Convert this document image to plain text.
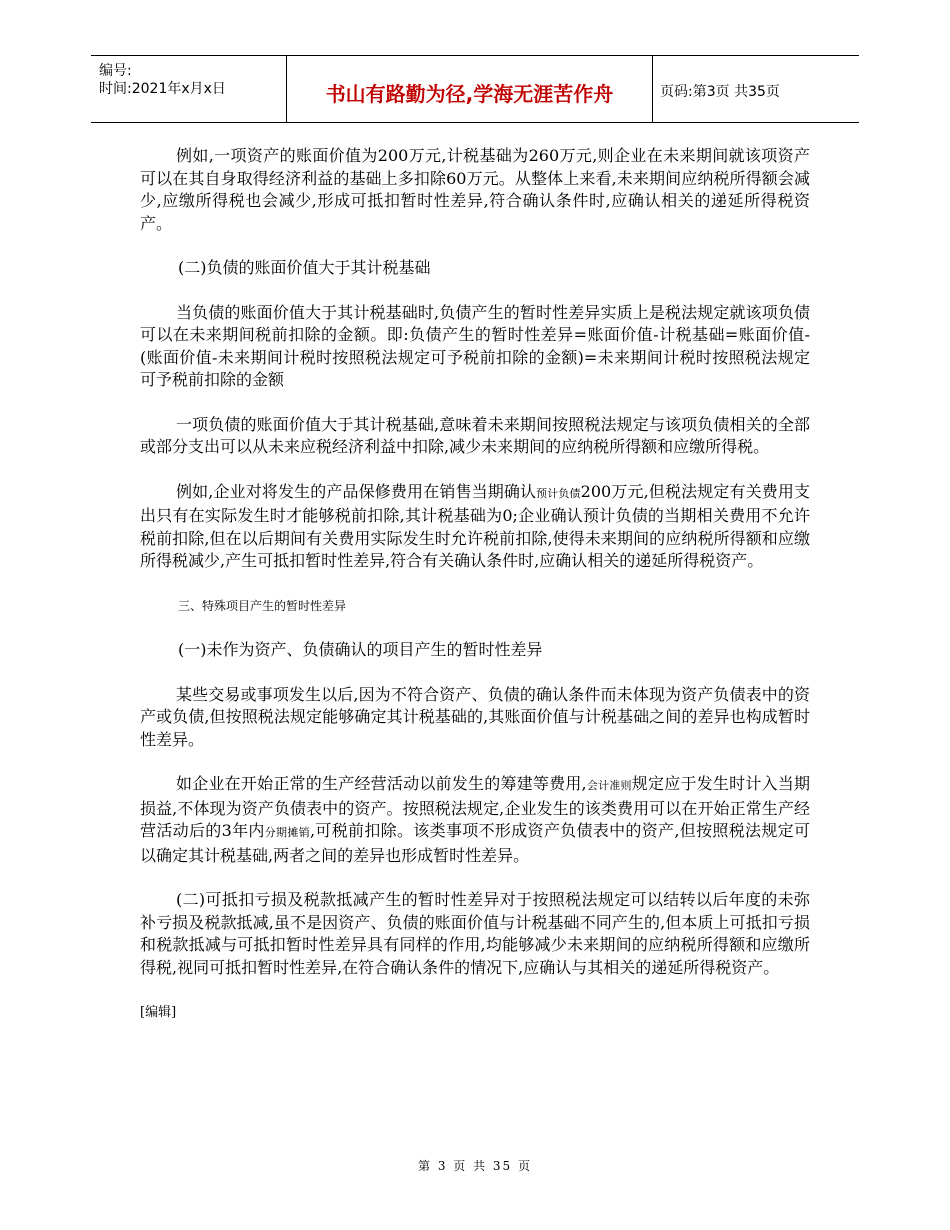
编号:
时间:2021年x月x日	书山有路勤为径,学海无涯苦作舟	页码:第3页 共35页

例如,一项资产的账面价值为200万元,计税基础为260万元,则企业在未来期间就该项资产可以在其自身取得经济利益的基础上多扣除60万元。从整体上来看,未来期间应纳税所得额会减少,应缴所得税也会减少,形成可抵扣暂时性差异,符合确认条件时,应确认相关的递延所得税资产。

(二)负债的账面价值大于其计税基础

当负债的账面价值大于其计税基础时,负债产生的暂时性差异实质上是税法规定就该项负债可以在未来期间税前扣除的金额。即:负债产生的暂时性差异=账面价值-计税基础=账面价值-(账面价值-未来期间计税时按照税法规定可予税前扣除的金额)=未来期间计税时按照税法规定可予税前扣除的金额

一项负债的账面价值大于其计税基础,意味着未来期间按照税法规定与该项负债相关的全部或部分支出可以从未来应税经济利益中扣除,减少未来期间的应纳税所得额和应缴所得税。

例如,企业对将发生的产品保修费用在销售当期确认预计负债200万元,但税法规定有关费用支出只有在实际发生时才能够税前扣除,其计税基础为0;企业确认预计负债的当期相关费用不允许税前扣除,但在以后期间有关费用实际发生时允许税前扣除,使得未来期间的应纳税所得额和应缴所得税减少,产生可抵扣暂时性差异,符合有关确认条件时,应确认相关的递延所得税资产。

三、特殊项目产生的暂时性差异

(一)未作为资产、负债确认的项目产生的暂时性差异

某些交易或事项发生以后,因为不符合资产、负债的确认条件而未体现为资产负债表中的资产或负债,但按照税法规定能够确定其计税基础的,其账面价值与计税基础之间的差异也构成暂时性差异。

如企业在开始正常的生产经营活动以前发生的筹建等费用,会计准则规定应于发生时计入当期损益,不体现为资产负债表中的资产。按照税法规定,企业发生的该类费用可以在开始正常生产经营活动后的3年内分期摊销,可税前扣除。该类事项不形成资产负债表中的资产,但按照税法规定可以确定其计税基础,两者之间的差异也形成暂时性差异。

(二)可抵扣亏损及税款抵减产生的暂时性差异对于按照税法规定可以结转以后年度的未弥补亏损及税款抵减,虽不是因资产、负债的账面价值与计税基础不同产生的,但本质上可抵扣亏损和税款抵减与可抵扣暂时性差异具有同样的作用,均能够减少未来期间的应纳税所得额和应缴所得税,视同可抵扣暂时性差异,在符合确认条件的情况下,应确认与其相关的递延所得税资产。

[编辑]

第 3 页 共 35 页
